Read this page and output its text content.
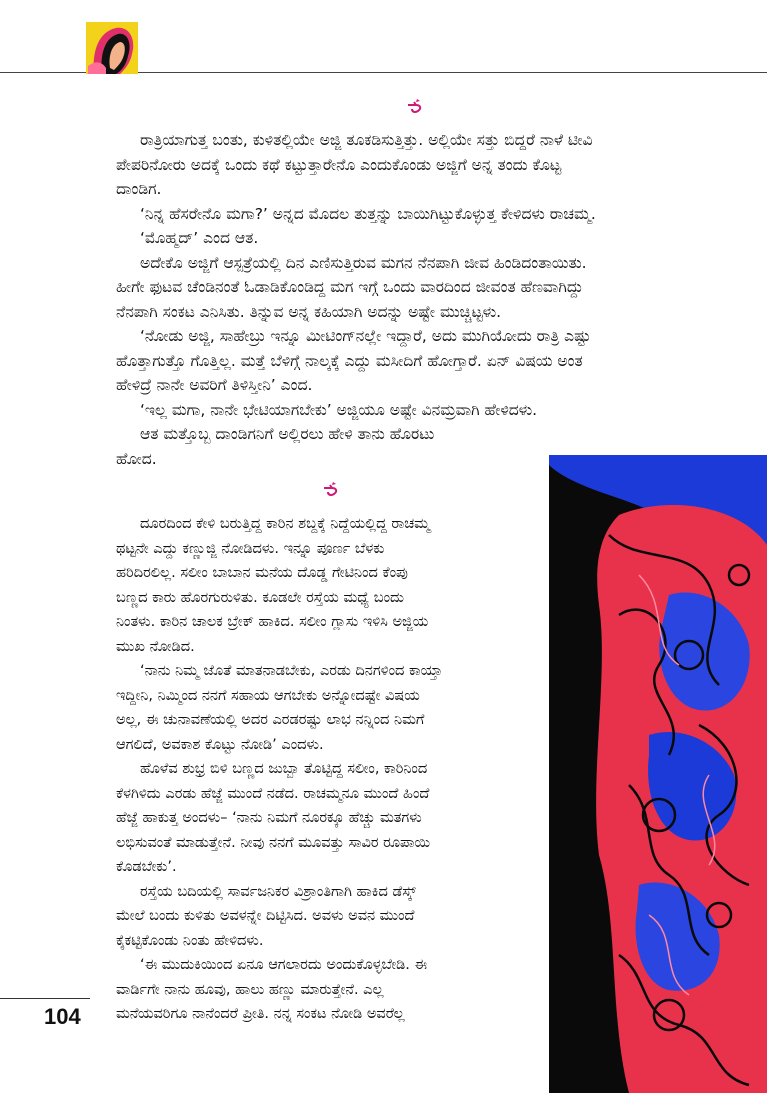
ರಾತ್ರಿಯಾಗುತ್ತ ಬಂತು, ಕುಳಿತಲ್ಲಿಯೇ ಅಜ್ಜಿ ತೂಕಡಿಸುತ್ತಿತ್ತು. ಅಲ್ಲಿಯೇ ಸತ್ತು ಬಿದ್ದರೆ ನಾಳೆ ಟೀವಿ

ಪೇಪರಿನೋರು ಅದಕ್ಕೆ ಒಂದು ಕಥೆ ಕಟ್ಟುತ್ತಾರೇನೊ ಎಂದುಕೊಂಡು ಅಜ್ಜಿಗೆ ಅನ್ನ ತಂದು ಕೊಟ್ಟ

ದಾಂಡಿಗ.

‘ನಿನ್ನ ಹೆಸರೇನೊ ಮಗಾ?’ ಅನ್ನದ ಮೊದಲ ತುತ್ತನ್ನು ಬಾಯಿಗಿಟ್ಟುಕೊಳ್ಳುತ್ತ ಕೇಳಿದಳು ರಾಚಮ್ಮ.

‘ಮೊಹ್ಮದ್’ ಎಂದ ಆತ.

ಅದೇಕೊ ಅಜ್ಜಿಗೆ ಆಸ್ಪತ್ರೆಯಲ್ಲಿ ದಿನ ಎಣಿಸುತ್ತಿರುವ ಮಗನ ನೆನಪಾಗಿ ಜೀವ ಹಿಂಡಿದಂತಾಯಿತು.

ಹೀಗೇ ಫುಟವ ಚೆಂಡಿನಂತೆ ಓಡಾಡಿಕೊಂಡಿದ್ದ ಮಗ ಇಗ್ಗೆ ಒಂದು ವಾರದಿಂದ ಜೀವಂತ ಹೆಣವಾಗಿದ್ದು

ನೆನಪಾಗಿ ಸಂಕಟ ಎನಿಸಿತು. ತಿನ್ನುವ ಅನ್ನ ಕಹಿಯಾಗಿ ಅದನ್ನು ಅಷ್ಟೇ ಮುಚ್ಚಿಟ್ಟಳು.

‘ನೋಡು ಅಜ್ಜಿ, ಸಾಹೇಬ್ರು ಇನ್ನೂ ಮೀಟಿಂಗ್‌ನಲ್ಲೇ ಇದ್ದಾರೆ, ಅದು ಮುಗಿಯೋದು ರಾತ್ರಿ ಎಷ್ಟು

ಹೊತ್ತಾಗುತ್ತೊ ಗೊತ್ತಿಲ್ಲ. ಮತ್ತೆ ಬೆಳಿಗ್ಗೆ ನಾಲ್ಕಕ್ಕೆ ಎದ್ದು ಮಸೀದಿಗೆ ಹೋಗ್ತಾರೆ. ಏನ್ ವಿಷಯ ಅಂತ

ಹೇಳಿದ್ರೆ ನಾನೇ ಅವರಿಗೆ ತಿಳಿಸ್ತೀನಿ’ ಎಂದ.

‘ಇಲ್ಲ ಮಗಾ, ನಾನೇ ಭೇಟಿಯಾಗಬೇಕು’ ಅಜ್ಜಿಯೂ ಅಷ್ಟೇ ವಿನಮ್ರವಾಗಿ ಹೇಳಿದಳು.

ಆತ ಮತ್ತೊಬ್ಬ ದಾಂಡಿಗನಿಗೆ ಅಲ್ಲಿರಲು ಹೇಳಿ ತಾನು ಹೊರಟು

ಹೋದ.

ದೂರದಿಂದ ಕೇಳಿ ಬರುತ್ತಿದ್ದ ಕಾರಿನ ಶಬ್ದಕ್ಕೆ ನಿದ್ದೆಯಲ್ಲಿದ್ದ ರಾಚಮ್ಮ

ಥಟ್ಟನೇ ಎದ್ದು ಕಣ್ಣುಜ್ಜಿ ನೋಡಿದಳು. ಇನ್ನೂ ಪೂರ್ಣ ಬೆಳಕು

ಹರಿದಿರಲಿಲ್ಲ. ಸಲೀಂ ಬಾಬಾನ ಮನೆಯ ದೊಡ್ಡ ಗೇಟಿನಿಂದ ಕೆಂಪು

ಬಣ್ಣದ ಕಾರು ಹೊರಗುರುಳಿತು. ಕೂಡಲೇ ರಸ್ತೆಯ ಮಧ್ಯೆ ಬಂದು

ನಿಂತಳು. ಕಾರಿನ ಚಾಲಕ ಬ್ರೇಕ್ ಹಾಕಿದ. ಸಲೀಂ ಗ್ಲಾಸು ಇಳಿಸಿ ಅಜ್ಜಿಯ

ಮುಖ ನೋಡಿದ.

‘ನಾನು ನಿಮ್ಮ ಜೊತೆ ಮಾತನಾಡಬೇಕು, ಎರಡು ದಿನಗಳಿಂದ ಕಾಯ್ತಾ

ಇದ್ದೀನಿ, ನಿಮ್ಮಿಂದ ನನಗೆ ಸಹಾಯ ಆಗಬೇಕು ಅನ್ನೋದಷ್ಟೇ ವಿಷಯ

ಅಲ್ಲ, ಈ ಚುನಾವಣೆಯಲ್ಲಿ ಅದರ ಎರಡರಷ್ಟು ಲಾಭ ನನ್ನಿಂದ ನಿಮಗೆ

ಆಗಲಿದೆ, ಅವಕಾಶ ಕೊಟ್ಟು ನೋಡಿ’ ಎಂದಳು.

ಹೊಳೆವ ಶುಭ್ರ ಬಿಳಿ ಬಣ್ಣದ ಜುಬ್ಬಾ ತೊಟ್ಟಿದ್ದ ಸಲೀಂ, ಕಾರಿನಿಂದ

ಕೆಳಗಿಳಿದು ಎರಡು ಹೆಜ್ಜೆ ಮುಂದೆ ನಡೆದ. ರಾಚಮ್ಮನೂ ಮುಂದೆ ಹಿಂದೆ

ಹೆಜ್ಜೆ ಹಾಕುತ್ತ ಅಂದಳು– ‘ನಾನು ನಿಮಗೆ ನೂರಕ್ಕೂ ಹೆಚ್ಚು ಮತಗಳು

ಲಭಿಸುವಂತೆ ಮಾಡುತ್ತೇನೆ. ನೀವು ನನಗೆ ಮೂವತ್ತು ಸಾವಿರ ರೂಪಾಯಿ

ಕೊಡಬೇಕು’.

ರಸ್ತೆಯ ಬದಿಯಲ್ಲಿ ಸಾರ್ವಜನಿಕರ ವಿಶ್ರಾಂತಿಗಾಗಿ ಹಾಕಿದ ಡೆಸ್ಕ್

ಮೇಲೆ ಬಂದು ಕುಳಿತು ಅವಳನ್ನೇ ದಿಟ್ಟಿಸಿದ. ಅವಳು ಅವನ ಮುಂದೆ

ಕೈಕಟ್ಟಿಕೊಂಡು ನಿಂತು ಹೇಳಿದಳು.

‘ಈ ಮುದುಕಿಯಿಂದ ಏನೂ ಆಗಲಾರದು ಅಂದುಕೊಳ್ಳಬೇಡಿ. ಈ

ವಾರ್ಡಿಗೇ ನಾನು ಹೂವು, ಹಾಲು ಹಣ್ಣು ಮಾರುತ್ತೇನೆ. ಎಲ್ಲ

ಮನೆಯವರಿಗೂ ನಾನೆಂದರೆ ಪ್ರೀತಿ. ನನ್ನ ಸಂಕಟ ನೋಡಿ ಅವರೆಲ್ಲ

104
